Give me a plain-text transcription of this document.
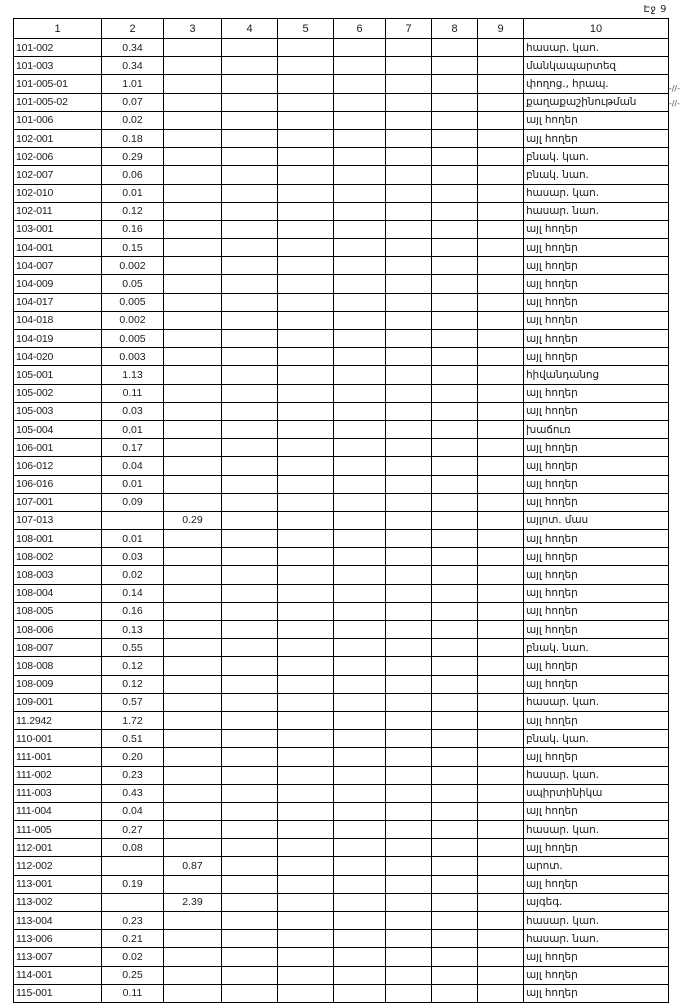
Էջ 9
-//-
-//-
1	2	3	4	5	6	7	8	9	10
101-002	0.34								հասար. կաո.
101-003	0.34								մանկապարտեզ
101-005-01	1.01								փողոց., հրապ.
101-005-02	0.07								քաղաքաշինութման
101-006	0.02								այլ հողեր
102-001	0.18								այլ հողեր
102-006	0.29								բնակ. կաո.
102-007	0.06								բնակ. նաո.
102-010	0.01								հասար. կաո.
102-011	0.12								հասար. նաո.
103-001	0.16								այլ հողեր
104-001	0.15								այլ հողեր
104-007	0.002								այլ հողեր
104-009	0.05								այլ հողեր
104-017	0.005								այլ հողեր
104-018	0.002								այլ հողեր
104-019	0.005								այլ հողեր
104-020	0.003								այլ հողեր
105-001	1.13								հիվանդանոց
105-002	0.11								այլ հողեր
105-003	0.03								այլ հողեր
105-004	0.01								խաճուռ
106-001	0.17								այլ հողեր
106-012	0.04								այլ հողեր
106-016	0.01								այլ հողեր
107-001	0.09								այլ հողեր
107-013		0.29							այլոտ. մաս
108-001	0.01								այլ հողեր
108-002	0.03								այլ հողեր
108-003	0.02								այլ հողեր
108-004	0.14								այլ հողեր
108-005	0.16								այլ հողեր
108-006	0.13								այլ հողեր
108-007	0.55								բնակ. նաո.
108-008	0.12								այլ հողեր
108-009	0.12								այլ հողեր
109-001	0.57								հասար. կաո.
11.2942	1.72								այլ հողեր
110-001	0.51								բնակ. կաո.
111-001	0.20								այլ հողեր
111-002	0.23								հասար. կաո.
111-003	0.43								սպիրտինիկա
111-004	0.04								այլ հողեր
111-005	0.27								հասար. կաո.
112-001	0.08								այլ հողեր
112-002		0.87							արոտ.
113-001	0.19								այլ հողեր
113-002		2.39							այգեգ.
113-004	0.23								հասար. կաո.
113-006	0.21								հասար. նաո.
113-007	0.02								այլ հողեր
114-001	0.25								այլ հողեր
115-001	0.11								այլ հողեր
